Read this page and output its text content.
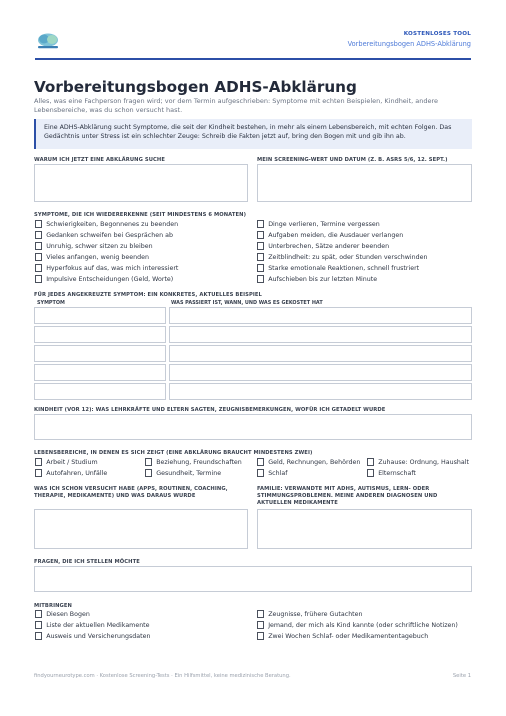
KOSTENLOSES TOOL
Vorbereitungsbogen ADHS-Abklärung
Vorbereitungsbogen ADHS-Abklärung
Alles, was eine Fachperson fragen wird; vor dem Termin aufgeschrieben: Symptome mit echten Beispielen, Kindheit, andere Lebensbereiche, was du schon versucht hast.
Eine ADHS-Abklärung sucht Symptome, die seit der Kindheit bestehen, in mehr als einem Lebensbereich, mit echten Folgen. Das Gedächtnis unter Stress ist ein schlechter Zeuge: Schreib die Fakten jetzt auf, bring den Bogen mit und gib ihn ab.
WARUM ICH JETZT EINE ABKLÄRUNG SUCHE	MEIN SCREENING-WERT UND DATUM (Z. B. ASRS 5/6, 12. SEPT.)
SYMPTOME, DIE ICH WIEDERERKENNE (SEIT MINDESTENS 6 MONATEN)
Schwierigkeiten, Begonnenes zu beenden
Gedanken schweifen bei Gesprächen ab
Unruhig, schwer sitzen zu bleiben
Vieles anfangen, wenig beenden
Hyperfokus auf das, was mich interessiert
Impulsive Entscheidungen (Geld, Worte)
Dinge verlieren, Termine vergessen
Aufgaben meiden, die Ausdauer verlangen
Unterbrechen, Sätze anderer beenden
Zeitblindheit: zu spät, oder Stunden verschwinden
Starke emotionale Reaktionen, schnell frustriert
Aufschieben bis zur letzten Minute
FÜR JEDES ANGEKREUZTE SYMPTOM: EIN KONKRETES, AKTUELLES BEISPIEL
SYMPTOM	WAS PASSIERT IST, WANN, UND WAS ES GEKOSTET HAT
KINDHEIT (VOR 12): WAS LEHRKRÄFTE UND ELTERN SAGTEN, ZEUGNISBEMERKUNGEN, WOFÜR ICH GETADELT WURDE
LEBENSBEREICHE, IN DENEN ES SICH ZEIGT (EINE ABKLÄRUNG BRAUCHT MINDESTENS ZWEI)
Arbeit / Studium	Beziehung, Freundschaften	Geld, Rechnungen, Behörden	Zuhause: Ordnung, Haushalt
Autofahren, Unfälle	Gesundheit, Termine	Schlaf	Elternschaft
WAS ICH SCHON VERSUCHT HABE (APPS, ROUTINEN, COACHING, THERAPIE, MEDIKAMENTE) UND WAS DARAUS WURDE
FAMILIE: VERWANDTE MIT ADHS, AUTISMUS, LERN- ODER STIMMUNGSPROBLEMEN. MEINE ANDEREN DIAGNOSEN UND AKTUELLEN MEDIKAMENTE
FRAGEN, DIE ICH STELLEN MÖCHTE
MITBRINGEN
Diesen Bogen
Liste der aktuellen Medikamente
Ausweis und Versicherungsdaten
Zeugnisse, frühere Gutachten
Jemand, der mich als Kind kannte (oder schriftliche Notizen)
Zwei Wochen Schlaf- oder Medikamententagebuch
findyourneurotype.com · Kostenlose Screening-Tests · Ein Hilfsmittel, keine medizinische Beratung.	Seite 1
